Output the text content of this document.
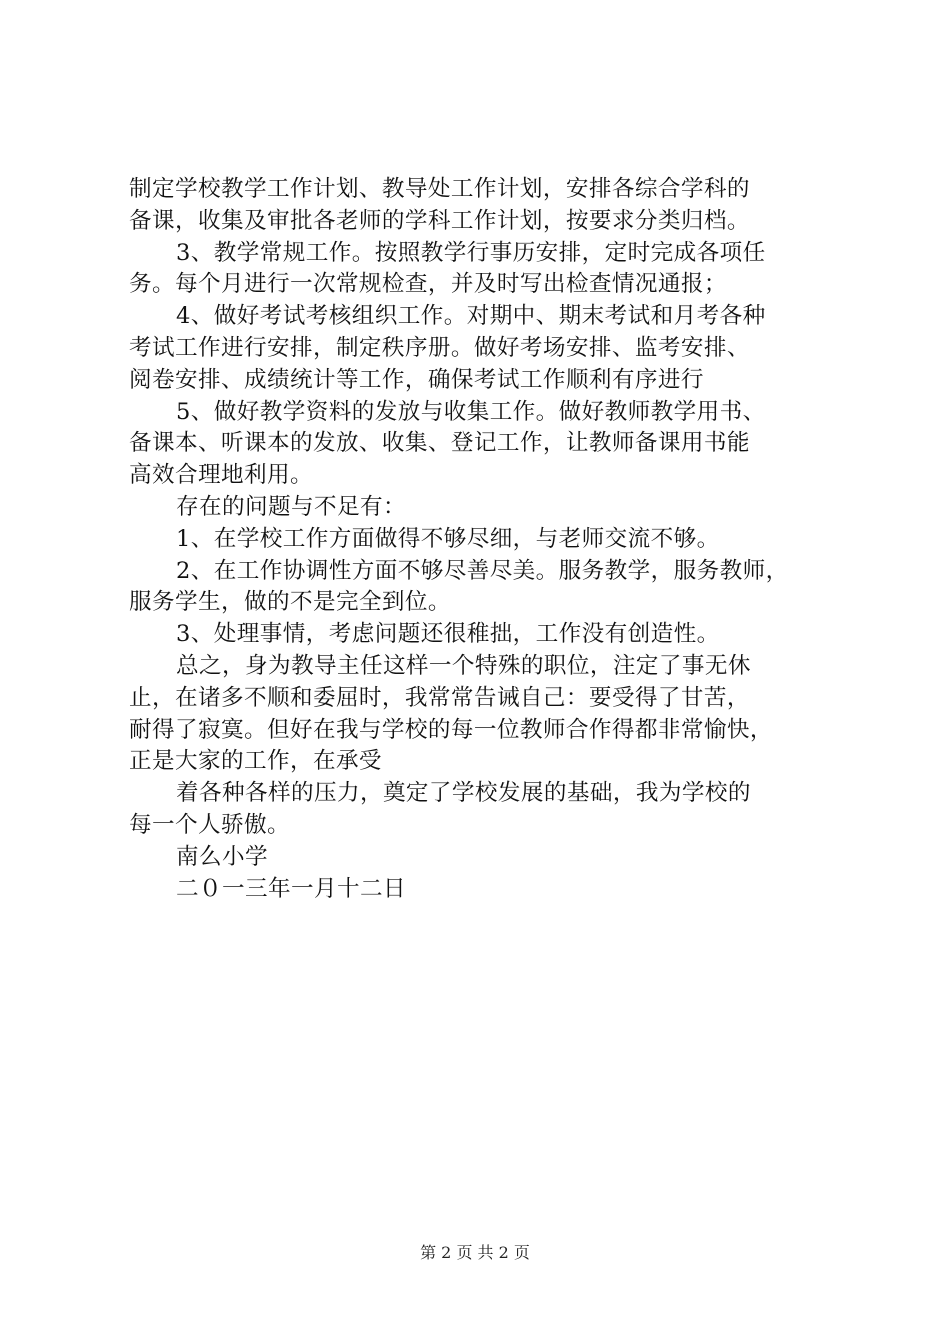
制定学校教学工作计划、教导处工作计划，安排各综合学科的
备课，收集及审批各老师的学科工作计划，按要求分类归档。
3、教学常规工作。按照教学行事历安排，定时完成各项任
务。每个月进行一次常规检查，并及时写出检查情况通报；
4、做好考试考核组织工作。对期中、期末考试和月考各种
考试工作进行安排，制定秩序册。做好考场安排、监考安排、
阅卷安排、成绩统计等工作，确保考试工作顺利有序进行
5、做好教学资料的发放与收集工作。做好教师教学用书、
备课本、听课本的发放、收集、登记工作，让教师备课用书能
高效合理地利用。
存在的问题与不足有：
1、在学校工作方面做得不够尽细，与老师交流不够。
2、在工作协调性方面不够尽善尽美。服务教学，服务教师，
服务学生，做的不是完全到位。
3、处理事情，考虑问题还很稚拙，工作没有创造性。
总之，身为教导主任这样一个特殊的职位，注定了事无休
止，在诸多不顺和委屈时，我常常告诫自己：要受得了甘苦，
耐得了寂寞。但好在我与学校的每一位教师合作得都非常愉快，
正是大家的工作，在承受
着各种各样的压力，奠定了学校发展的基础，我为学校的
每一个人骄傲。
南么小学
二０一三年一月十二日
第 2 页 共 2 页
